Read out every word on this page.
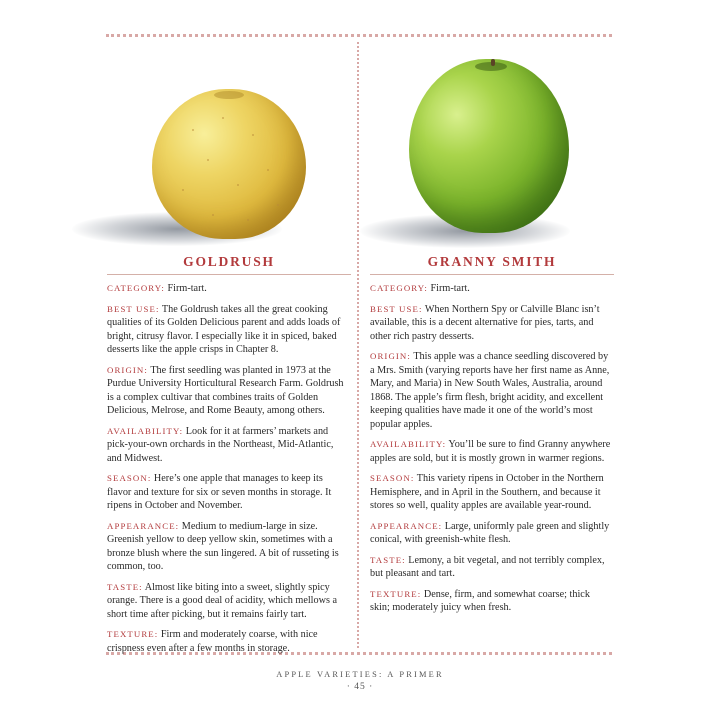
GOLDRUSH

CATEGORY: Firm-tart.

BEST USE: The Goldrush takes all the great cooking qualities of its Golden Delicious parent and adds loads of bright, citrusy flavor. I especially like it in spiced, baked desserts like the apple crisps in Chapter 8.

ORIGIN: The first seedling was planted in 1973 at the Purdue University Horticultural Research Farm. Goldrush is a complex cultivar that combines traits of Golden Delicious, Melrose, and Rome Beauty, among others.

AVAILABILITY: Look for it at farmers’ markets and pick-your-own orchards in the Northeast, Mid-Atlantic, and Midwest.

SEASON: Here’s one apple that manages to keep its flavor and texture for six or seven months in storage. It ripens in October and November.

APPEARANCE: Medium to medium-large in size. Greenish yellow to deep yellow skin, sometimes with a bronze blush where the sun lingered. A bit of russeting is common, too.

TASTE: Almost like biting into a sweet, slightly spicy orange. There is a good deal of acidity, which mellows a short time after picking, but it remains fairly tart.

TEXTURE: Firm and moderately coarse, with nice crispness even after a few months in storage.

GRANNY SMITH

CATEGORY: Firm-tart.

BEST USE: When Northern Spy or Calville Blanc isn’t available, this is a decent alternative for pies, tarts, and other rich pastry desserts.

ORIGIN: This apple was a chance seedling discovered by a Mrs. Smith (varying reports have her first name as Anne, Mary, and Maria) in New South Wales, Australia, around 1868. The apple’s firm flesh, bright acidity, and excellent keeping qualities have made it one of the world’s most popular apples.

AVAILABILITY: You’ll be sure to find Granny anywhere apples are sold, but it is mostly grown in warmer regions.

SEASON: This variety ripens in October in the Northern Hemisphere, and in April in the Southern, and because it stores so well, quality apples are available year-round.

APPEARANCE: Large, uniformly pale green and slightly conical, with greenish-white flesh.

TASTE: Lemony, a bit vegetal, and not terribly complex, but pleasant and tart.

TEXTURE: Dense, firm, and somewhat coarse; thick skin; moderately juicy when fresh.

APPLE VARIETIES: A PRIMER
· 45 ·
